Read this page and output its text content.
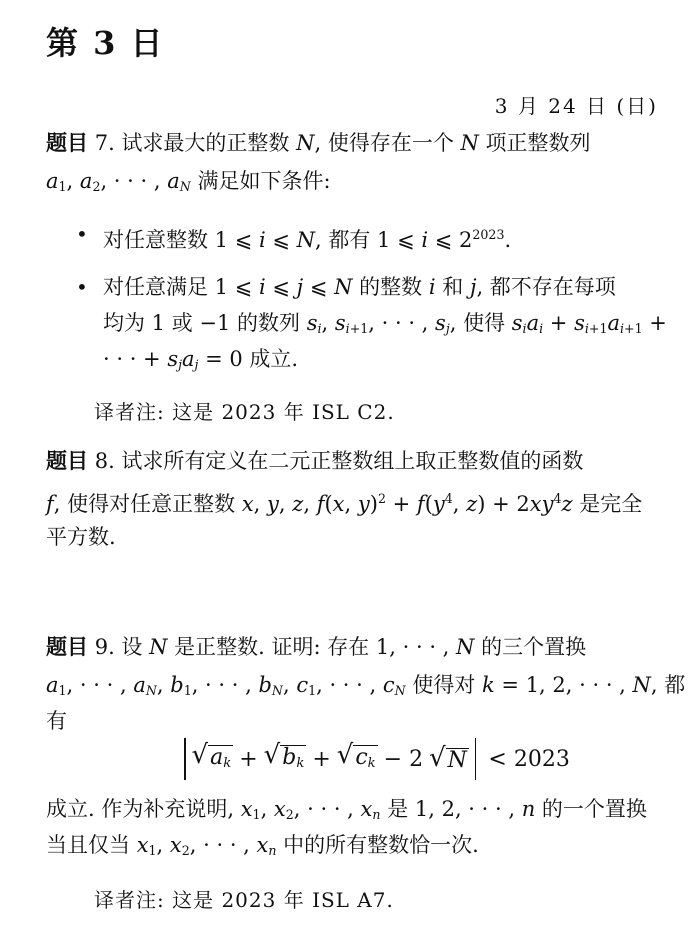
第 3 日
3 月 24 日 (日)
题目 7. 试求最大的正整数 N, 使得存在一个 N 项正整数列
$a_1$, $a_2$, · · · , $a_N$ 满足如下条件:
• 对任意整数 1 ⩽ i ⩽ N, 都有 1 ⩽ i ⩽ $2^{2023}$.
• 对任意满足 1 ⩽ i ⩽ j ⩽ N 的整数 i 和 j, 都不存在每项
均为 1 或 −1 的数列 $s_i$, $s_{i+1}$, · · · , $s_j$, 使得 $s_ia_i + s_{i+1}a_{i+1}$ +
· · · + $s_ja_j = 0$ 成立.
译者注: 这是 2023 年 ISL C2.
题目 8. 试求所有定义在二元正整数组上取正整数值的函数
f, 使得对任意正整数 x, y, z, f(x, $y)^2 + f(y^4$, $z) + 2xy^4z$ 是完全
平方数.
题目 9. 设 N 是正整数. 证明: 存在 1, · · · , N 的三个置换
$a_1$, · · · , $a_N$, $b_1$, · · · , $b_N$, $c_1$, · · · , $c_N$ 使得对 k = 1, 2, · · · , N, 都
有
√ $a_k$ + √ $b_k$ + √ $c_k - 2$ √ N < 2023
成立. 作为补充说明, $x_1$, $x_2$, · · · , $x_n$ 是 1, 2, · · · , n 的一个置换
当且仅当 $x_1$, $x_2$, · · · , $x_n$ 中的所有整数恰一次.
译者注: 这是 2023 年 ISL A7.
